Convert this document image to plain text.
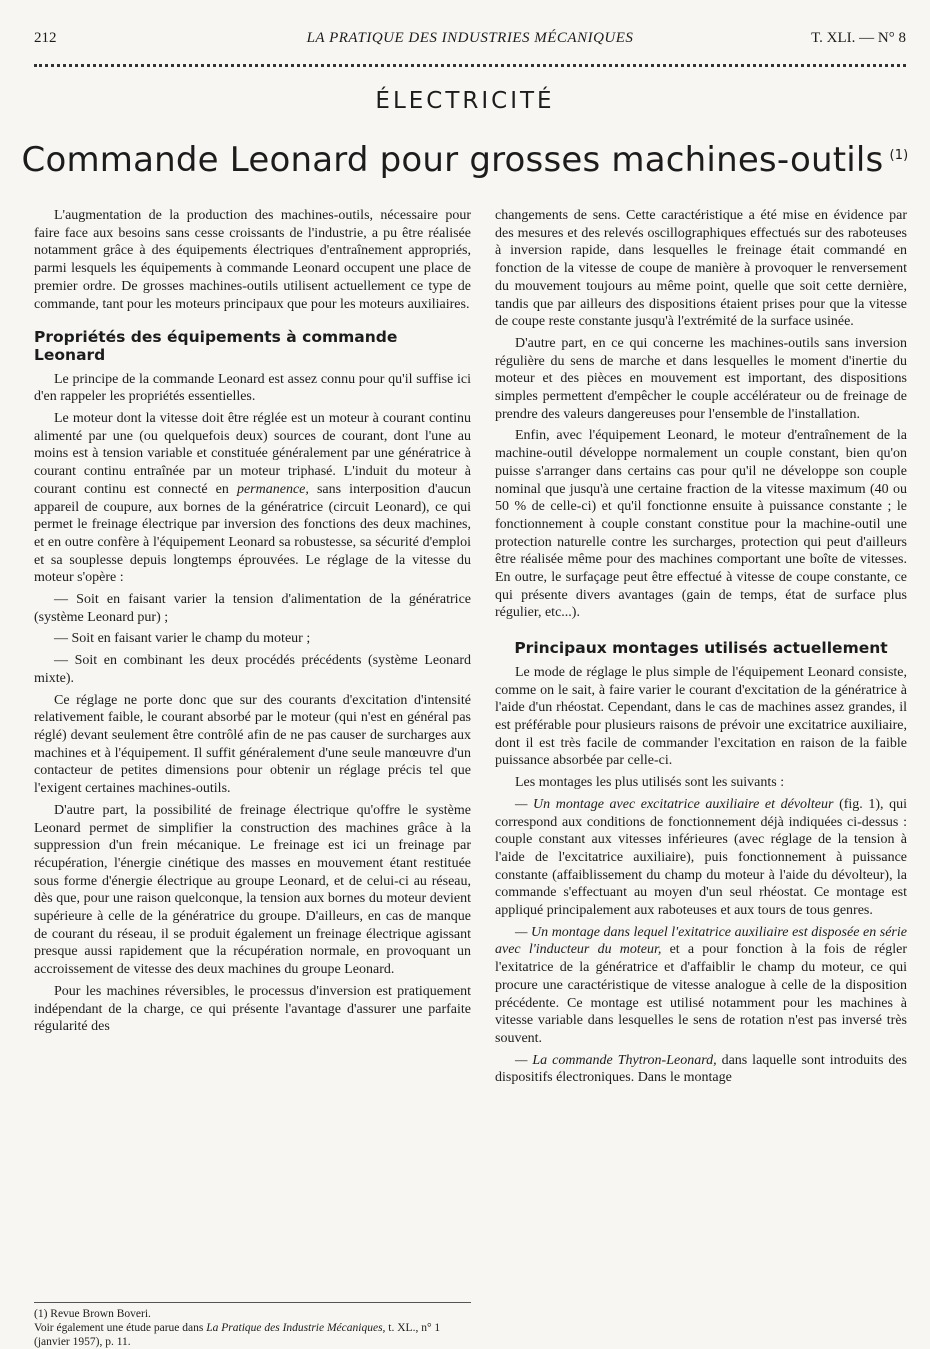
212	LA PRATIQUE DES INDUSTRIES MÉCANIQUES	T. XLI. — N° 8
ÉLECTRICITÉ
Commande Leonard pour grosses machines-outils $^{(1)}$

L'augmentation de la production des machines-outils, nécessaire pour faire face aux besoins sans cesse croissants de l'industrie, a pu être réalisée notamment grâce à des équipements électriques d'entraînement appropriés, parmi lesquels les équipements à commande Leonard occupent une place de premier ordre. De grosses machines-outils utilisent actuellement ce type de commande, tant pour les moteurs principaux que pour les moteurs auxiliaires.

Propriétés des équipements à commande Leonard

Le principe de la commande Leonard est assez connu pour qu'il suffise ici d'en rappeler les propriétés essentielles.

Le moteur dont la vitesse doit être réglée est un moteur à courant continu alimenté par une (ou quelquefois deux) sources de courant, dont l'une au moins est à tension variable et constituée généralement par une génératrice à courant continu entraînée par un moteur triphasé. L'induit du moteur à courant continu est connecté en permanence, sans interposition d'aucun appareil de coupure, aux bornes de la génératrice (circuit Leonard), ce qui permet le freinage électrique par inversion des fonctions des deux machines, et en outre confère à l'équipement Leonard sa robustesse, sa sécurité d'emploi et sa souplesse depuis longtemps éprouvées. Le réglage de la vitesse du moteur s'opère :

— Soit en faisant varier la tension d'alimentation de la génératrice (système Leonard pur) ;

— Soit en faisant varier le champ du moteur ;

— Soit en combinant les deux procédés précédents (système Leonard mixte).

Ce réglage ne porte donc que sur des courants d'excitation d'intensité relativement faible, le courant absorbé par le moteur (qui n'est en général pas réglé) devant seulement être contrôlé afin de ne pas causer de surcharges aux machines et à l'équipement. Il suffit généralement d'une seule manœuvre d'un contacteur de petites dimensions pour obtenir un réglage précis tel que l'exigent certaines machines-outils.

D'autre part, la possibilité de freinage électrique qu'offre le système Leonard permet de simplifier la construction des machines grâce à la suppression d'un frein mécanique. Le freinage est ici un freinage par récupération, l'énergie cinétique des masses en mouvement étant restituée sous forme d'énergie électrique au groupe Leonard, et de celui-ci au réseau, dès que, pour une raison quelconque, la tension aux bornes du moteur devient supérieure à celle de la génératrice du groupe. D'ailleurs, en cas de manque de courant du réseau, il se produit également un freinage électrique agissant presque aussi rapidement que la récupération normale, en provoquant un accroissement de vitesse des deux machines du groupe Leonard.

Pour les machines réversibles, le processus d'inversion est pratiquement indépendant de la charge, ce qui présente l'avantage d'assurer une parfaite régularité des

changements de sens. Cette caractéristique a été mise en évidence par des mesures et des relevés oscillographiques effectués sur des raboteuses à inversion rapide, dans lesquelles le freinage était commandé en fonction de la vitesse de coupe de manière à provoquer le renversement du mouvement toujours au même point, quelle que soit cette dernière, tandis que par ailleurs des dispositions étaient prises pour que la vitesse de coupe reste constante jusqu'à l'extrémité de la surface usinée.

D'autre part, en ce qui concerne les machines-outils sans inversion régulière du sens de marche et dans lesquelles le moment d'inertie du moteur et des pièces en mouvement est important, des dispositions simples permettent d'empêcher le couple accélérateur ou de freinage de prendre des valeurs dangereuses pour l'ensemble de l'installation.

Enfin, avec l'équipement Leonard, le moteur d'entraînement de la machine-outil développe normalement un couple constant, bien qu'on puisse s'arranger dans certains cas pour qu'il ne développe son couple nominal que jusqu'à une certaine fraction de la vitesse maximum (40 ou 50 % de celle-ci) et qu'il fonctionne ensuite à puissance constante ; le fonctionnement à couple constant constitue pour la machine-outil une protection naturelle contre les surcharges, protection qui peut d'ailleurs être réalisée même pour des machines comportant une boîte de vitesses. En outre, le surfaçage peut être effectué à vitesse de coupe constante, ce qui présente divers avantages (gain de temps, état de surface plus régulier, etc...).

Principaux montages utilisés actuellement

Le mode de réglage le plus simple de l'équipement Leonard consiste, comme on le sait, à faire varier le courant d'excitation de la génératrice à l'aide d'un rhéostat. Cependant, dans le cas de machines assez grandes, il est préférable pour plusieurs raisons de prévoir une excitatrice auxiliaire, dont il est très facile de commander l'excitation en raison de la faible puissance absorbée par celle-ci.

Les montages les plus utilisés sont les suivants :

— Un montage avec excitatrice auxiliaire et dévolteur (fig. 1), qui correspond aux conditions de fonctionnement déjà indiquées ci-dessus : couple constant aux vitesses inférieures (avec réglage de la tension à l'aide de l'excitatrice auxiliaire), puis fonctionnement à puissance constante (affaiblissement du champ du moteur à l'aide du dévolteur), la commande s'effectuant au moyen d'un seul rhéostat. Ce montage est appliqué principalement aux raboteuses et aux tours de tous genres.

— Un montage dans lequel l'exitatrice auxiliaire est disposée en série avec l'inducteur du moteur, et a pour fonction à la fois de régler l'exitatrice de la génératrice et d'affaiblir le champ du moteur, ce qui procure une caractéristique de vitesse analogue à celle de la disposition précédente. Ce montage est utilisé notamment pour les machines à vitesse variable dans lesquelles le sens de rotation n'est pas inversé très souvent.

— La commande Thytron-Leonard, dans laquelle sont introduits des dispositifs électroniques. Dans le montage

(1) Revue Brown Boveri.
Voir également une étude parue dans La Pratique des Industrie Mécaniques, t. XL., n° 1 (janvier 1957), p. 11.
